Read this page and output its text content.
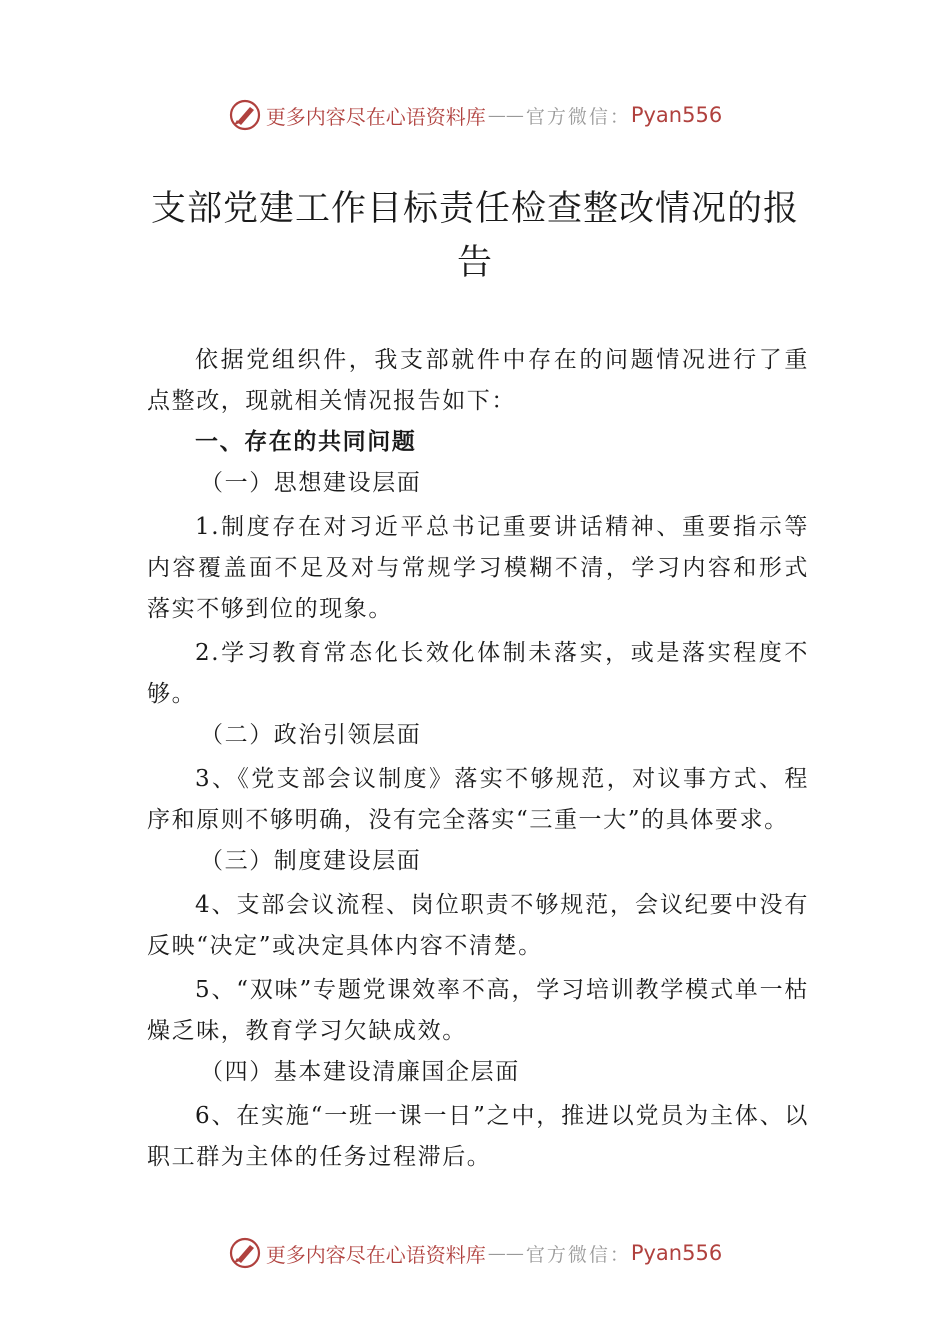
更多内容尽在心语资料库 —— 官方微信： Pyan556
支部党建工作目标责任检查整改情况的报告

依据党组织件，我支部就件中存在的问题情况进行了重点整改，现就相关情况报告如下：

一、存在的共同问题

（一）思想建设层面

1.制度存在对习近平总书记重要讲话精神、重要指示等内容覆盖面不足及对与常规学习模糊不清，学习内容和形式落实不够到位的现象。

2.学习教育常态化长效化体制未落实，或是落实程度不够。

（二）政治引领层面

3、《党支部会议制度》落实不够规范，对议事方式、程序和原则不够明确，没有完全落实“三重一大”的具体要求。

（三）制度建设层面

4、支部会议流程、岗位职责不够规范，会议纪要中没有反映“决定”或决定具体内容不清楚。

5、“双味”专题党课效率不高，学习培训教学模式单一枯燥乏味，教育学习欠缺成效。

（四）基本建设清廉国企层面

6、在实施“一班一课一日”之中，推进以党员为主体、以职工群为主体的任务过程滞后。

更多内容尽在心语资料库 —— 官方微信： Pyan556
